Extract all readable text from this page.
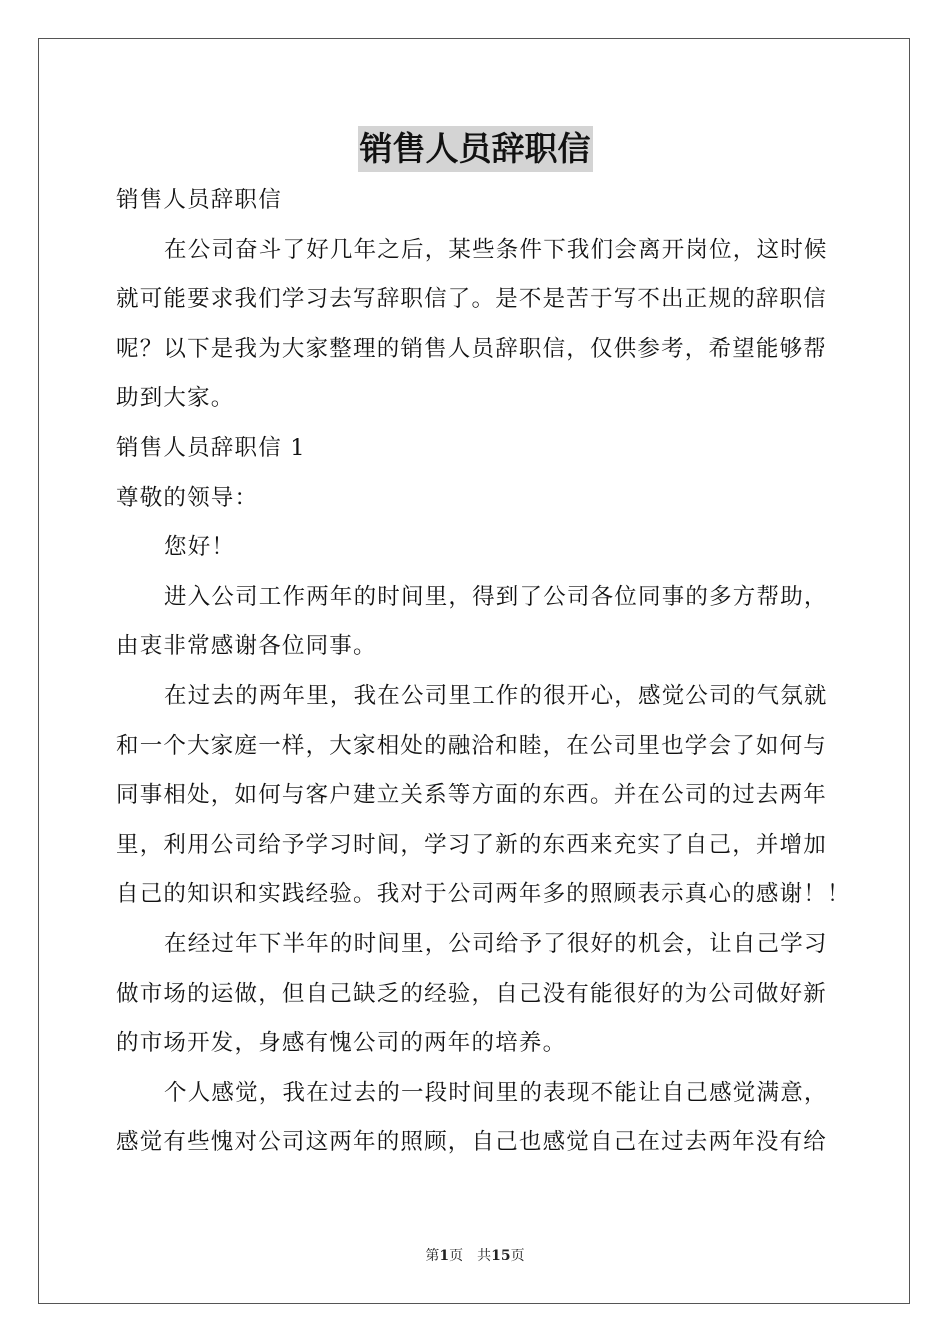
销售人员辞职信
销售人员辞职信
在公司奋斗了好几年之后，某些条件下我们会离开岗位，这时候
就可能要求我们学习去写辞职信了。是不是苦于写不出正规的辞职信
呢？以下是我为大家整理的销售人员辞职信，仅供参考，希望能够帮
助到大家。
销售人员辞职信 1
尊敬的领导：
您好！
进入公司工作两年的时间里，得到了公司各位同事的多方帮助，
由衷非常感谢各位同事。
在过去的两年里，我在公司里工作的很开心，感觉公司的气氛就
和一个大家庭一样，大家相处的融洽和睦，在公司里也学会了如何与
同事相处，如何与客户建立关系等方面的东西。并在公司的过去两年
里，利用公司给予学习时间，学习了新的东西来充实了自己，并增加
自己的知识和实践经验。我对于公司两年多的照顾表示真心的感谢！！
在经过年下半年的时间里，公司给予了很好的机会，让自己学习
做市场的运做，但自己缺乏的经验，自己没有能很好的为公司做好新
的市场开发，身感有愧公司的两年的培养。
个人感觉，我在过去的一段时间里的表现不能让自己感觉满意，
感觉有些愧对公司这两年的照顾，自己也感觉自己在过去两年没有给
第1页 共15页
